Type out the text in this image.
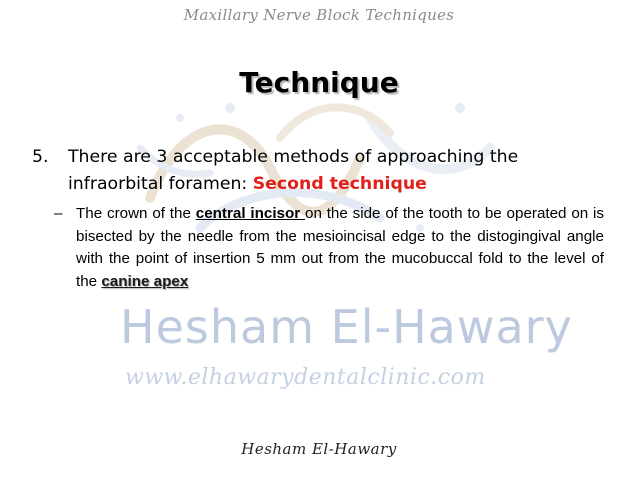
Hesham El-Hawary
www.elhawarydentalclinic.com
Maxillary Nerve Block Techniques
Technique
5. There are 3 acceptable methods of approaching the infraorbital foramen: Second technique
– The crown of the central incisor on the side of the tooth to be operated on is bisected by the needle from the mesioincisal edge to the distogingival angle with the point of insertion 5 mm out from the mucobuccal fold to the level of the canine apex
Hesham El-Hawary
